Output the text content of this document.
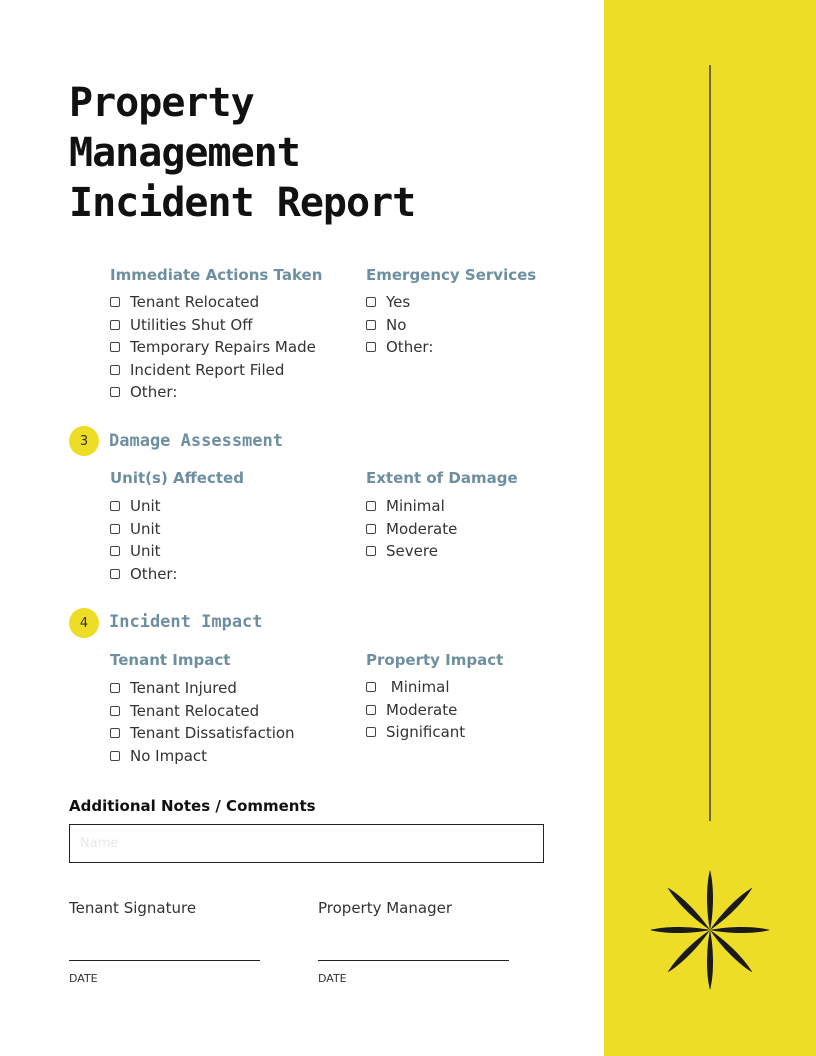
Property
Management
Incident Report
Immediate Actions Taken
Tenant Relocated
Utilities Shut Off
Temporary Repairs Made
Incident Report Filed
Other:
Emergency Services
Yes
No
Other:
3	Damage Assessment
Unit(s) Affected
Unit
Unit
Unit
Other:
Extent of Damage
Minimal
Moderate
Severe
4	Incident Impact
Tenant Impact
Tenant Injured
Tenant Relocated
Tenant Dissatisfaction
No Impact
Property Impact
Minimal
Moderate
Significant

Additional Notes / Comments

Name

Tenant Signature

DATE

Property Manager

DATE
